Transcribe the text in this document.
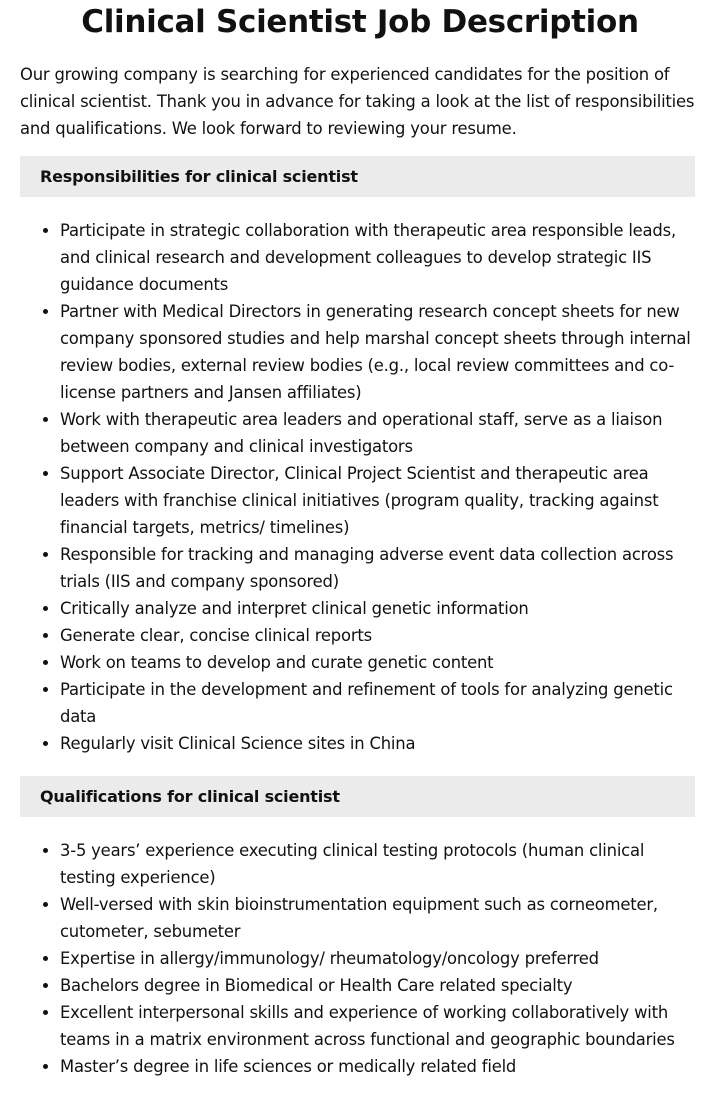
Clinical Scientist Job Description

Our growing company is searching for experienced candidates for the position of clinical scientist. Thank you in advance for taking a look at the list of responsibilities and qualifications. We look forward to reviewing your resume.

Responsibilities for clinical scientist
• Participate in strategic collaboration with therapeutic area responsible leads, and clinical research and development colleagues to develop strategic IIS guidance documents
• Partner with Medical Directors in generating research concept sheets for new company sponsored studies and help marshal concept sheets through internal review bodies, external review bodies (e.g., local review committees and co-license partners and Jansen affiliates)
• Work with therapeutic area leaders and operational staff, serve as a liaison between company and clinical investigators
• Support Associate Director, Clinical Project Scientist and therapeutic area leaders with franchise clinical initiatives (program quality, tracking against financial targets, metrics/ timelines)
• Responsible for tracking and managing adverse event data collection across trials (IIS and company sponsored)
• Critically analyze and interpret clinical genetic information
• Generate clear, concise clinical reports
• Work on teams to develop and curate genetic content
• Participate in the development and refinement of tools for analyzing genetic data
• Regularly visit Clinical Science sites in China
Qualifications for clinical scientist
• 3-5 years’ experience executing clinical testing protocols (human clinical testing experience)
• Well-versed with skin bioinstrumentation equipment such as corneometer, cutometer, sebumeter
• Expertise in allergy/immunology/ rheumatology/oncology preferred
• Bachelors degree in Biomedical or Health Care related specialty
• Excellent interpersonal skills and experience of working collaboratively with teams in a matrix environment across functional and geographic boundaries
• Master’s degree in life sciences or medically related field
